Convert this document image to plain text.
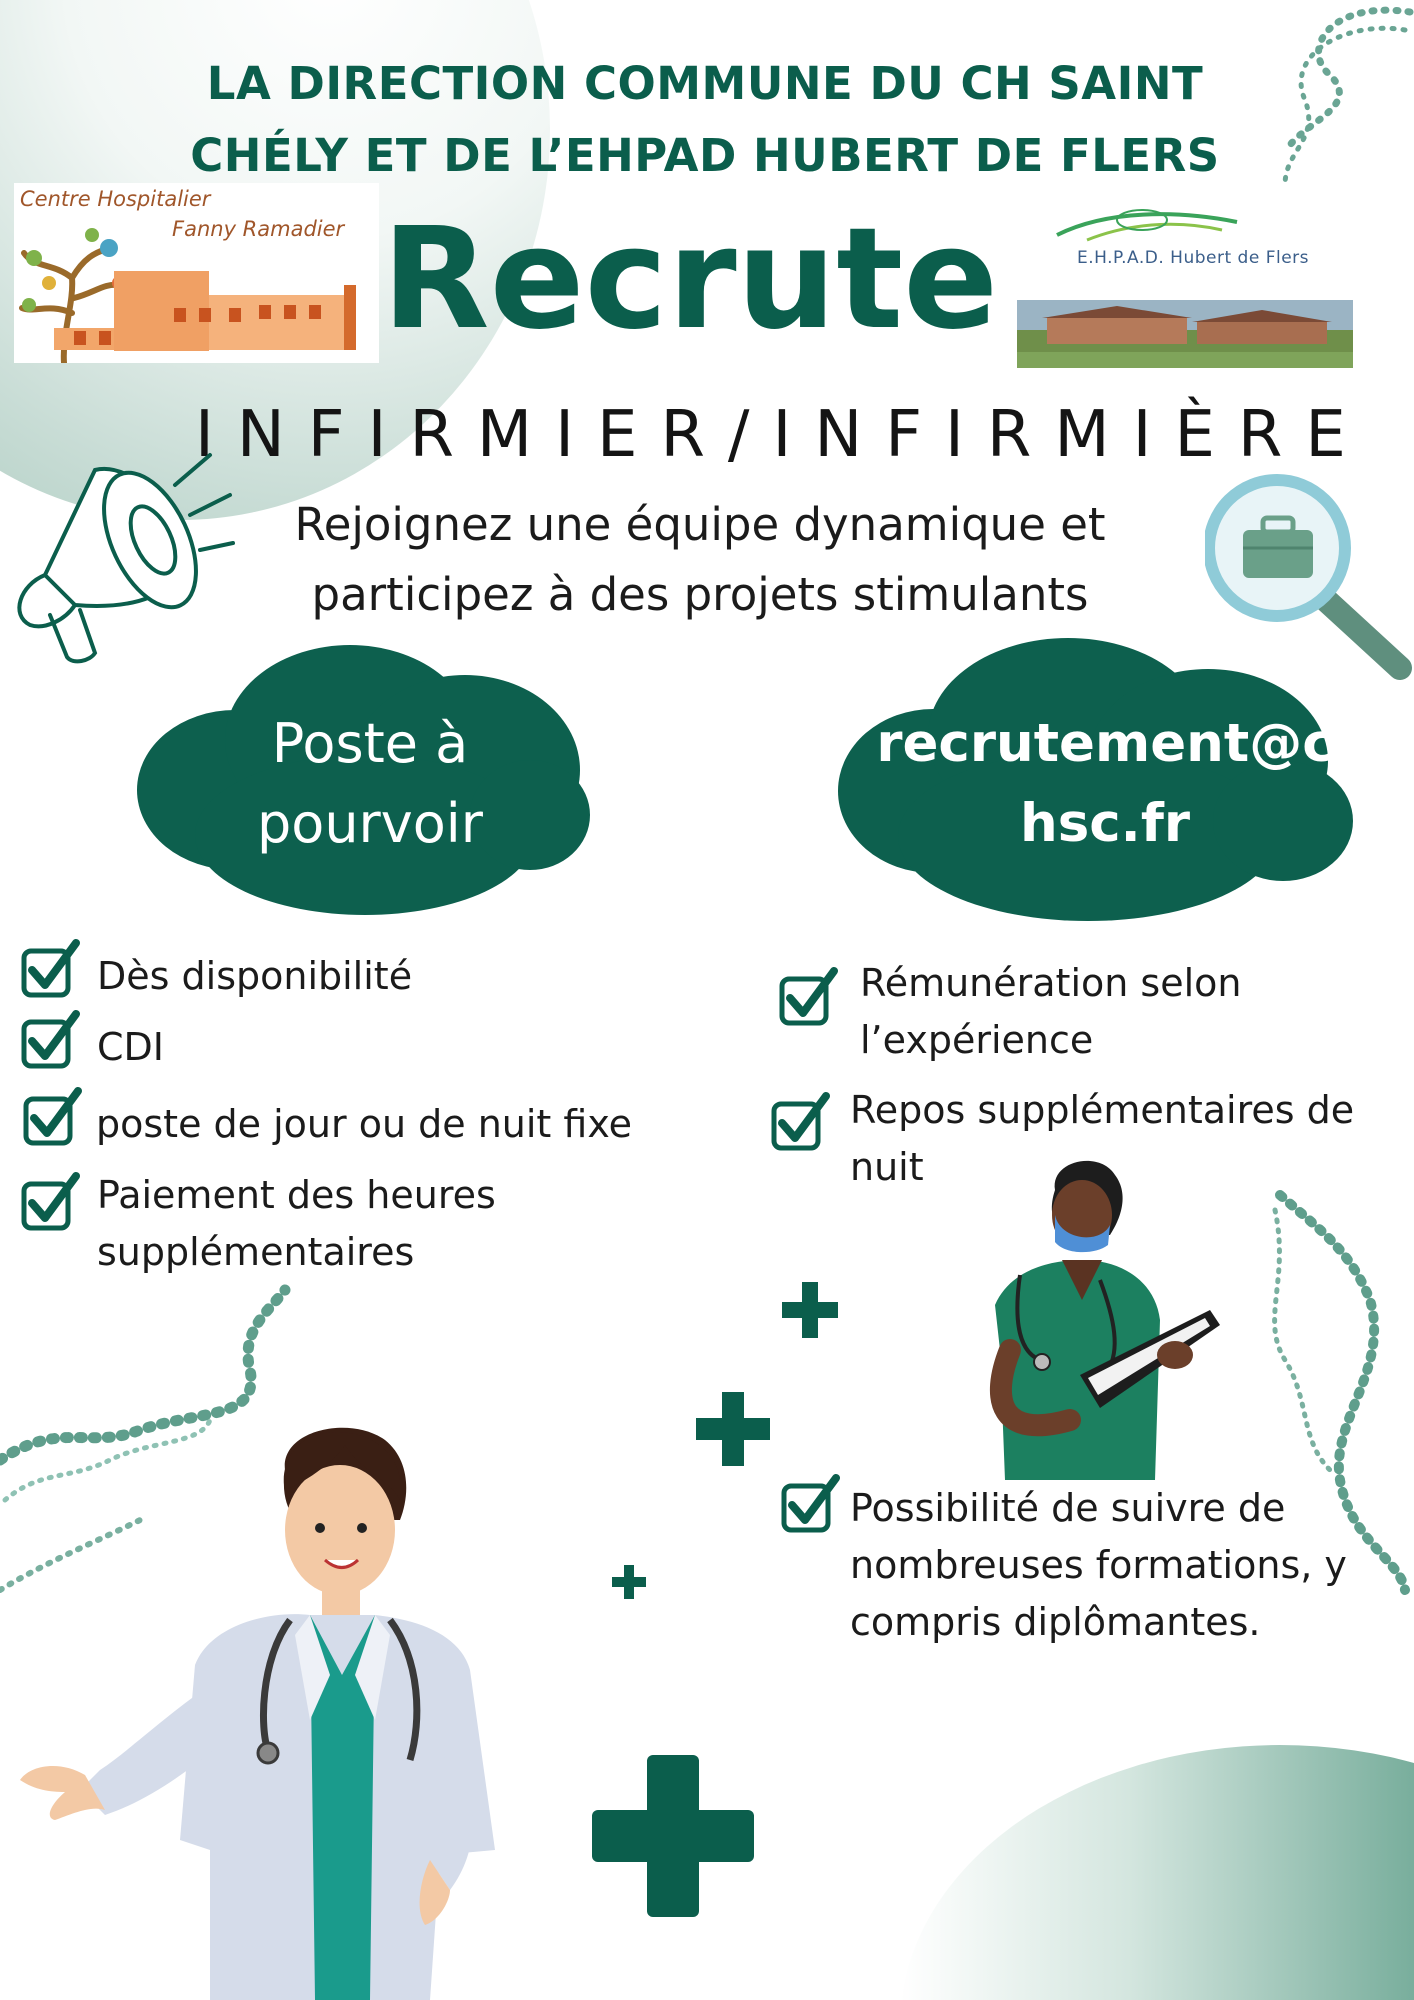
LA DIRECTION COMMUNE DU CH SAINT
CHÉLY ET DE L’EHPAD HUBERT DE FLERS
Centre Hospitalier
Fanny Ramadier Recrute	E.H.P.A.D. Hubert de Flers
INFIRMIER/INFIRMIÈRE
Rejoignez une équipe dynamique et
participez à des projets stimulants
Poste à
pourvoir
recrutement@c
hsc.fr
Dès disponibilité
CDI
poste de jour ou de nuit fixe
Paiement des heures
supplémentaires
Rémunération selon
l’expérience
Repos supplémentaires de
nuit
Possibilité de suivre de
nombreuses formations, y
compris diplômantes.
